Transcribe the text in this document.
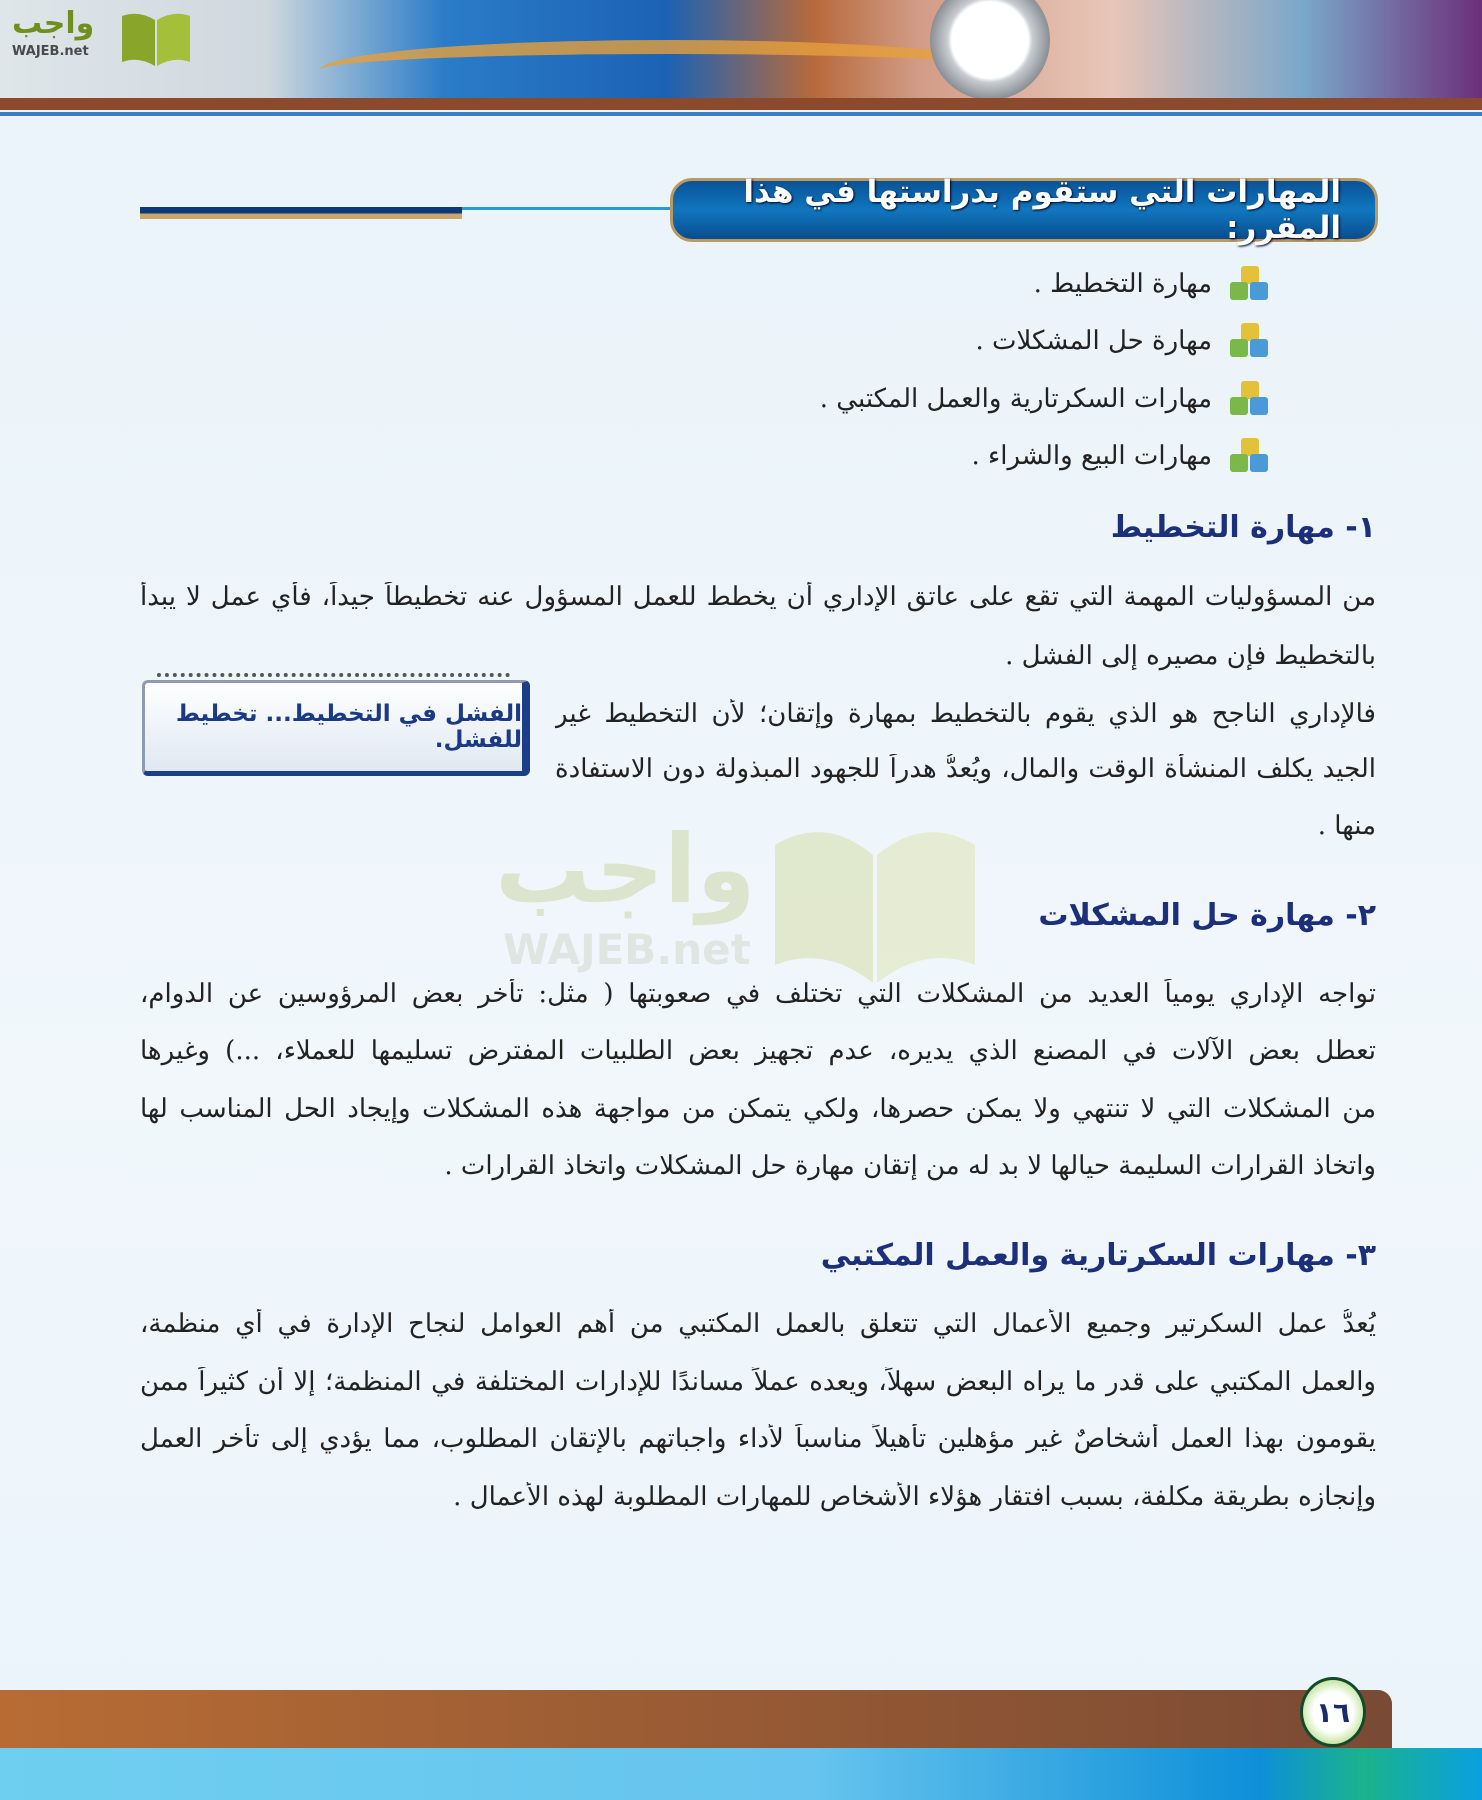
واجب
WAJEB.net
المهارات التي ستقوم بدراستها في هذا المقرر:
مهارة التخطيط .
مهارة حل المشكلات .
مهارات السكرتارية والعمل المكتبي .
مهارات البيع والشراء .
واجب
WAJEB.net
١- مهارة التخطيط
من المسؤوليات المهمة التي تقع على عاتق الإداري أن يخطط للعمل المسؤول عنه تخطيطاً جيداً، فأي عمل لا يبدأ
بالتخطيط فإن مصيره إلى الفشل .
فالإداري الناجح هو الذي يقوم بالتخطيط بمهارة وإتقان؛ لأن التخطيط غير
الجيد يكلف المنشأة الوقت والمال، ويُعدُّ هدراً للجهود المبذولة دون الاستفادة
منها .
الفشل في التخطيط... تخطيط للفشل.
٢- مهارة حل المشكلات
تواجه الإداري يومياً العديد من المشكلات التي تختلف في صعوبتها ( مثل: تأخر بعض المرؤوسين عن الدوام،
تعطل بعض الآلات في المصنع الذي يديره، عدم تجهيز بعض الطلبيات المفترض تسليمها للعملاء، ...) وغيرها
من المشكلات التي لا تنتهي ولا يمكن حصرها، ولكي يتمكن من مواجهة هذه المشكلات وإيجاد الحل المناسب لها
واتخاذ القرارات السليمة حيالها لا بد له من إتقان مهارة حل المشكلات واتخاذ القرارات .
٣- مهارات السكرتارية والعمل المكتبي
يُعدُّ عمل السكرتير وجميع الأعمال التي تتعلق بالعمل المكتبي من أهم العوامل لنجاح الإدارة في أي منظمة،
والعمل المكتبي على قدر ما يراه البعض سهلاً، ويعده عملاً مساندًا للإدارات المختلفة في المنظمة؛ إلا أن كثيراً ممن
يقومون بهذا العمل أشخاصٌ غير مؤهلين تأهيلاً مناسباً لأداء واجباتهم بالإتقان المطلوب، مما يؤدي إلى تأخر العمل
وإنجازه بطريقة مكلفة، بسبب افتقار هؤلاء الأشخاص للمهارات المطلوبة لهذه الأعمال .
١٦
